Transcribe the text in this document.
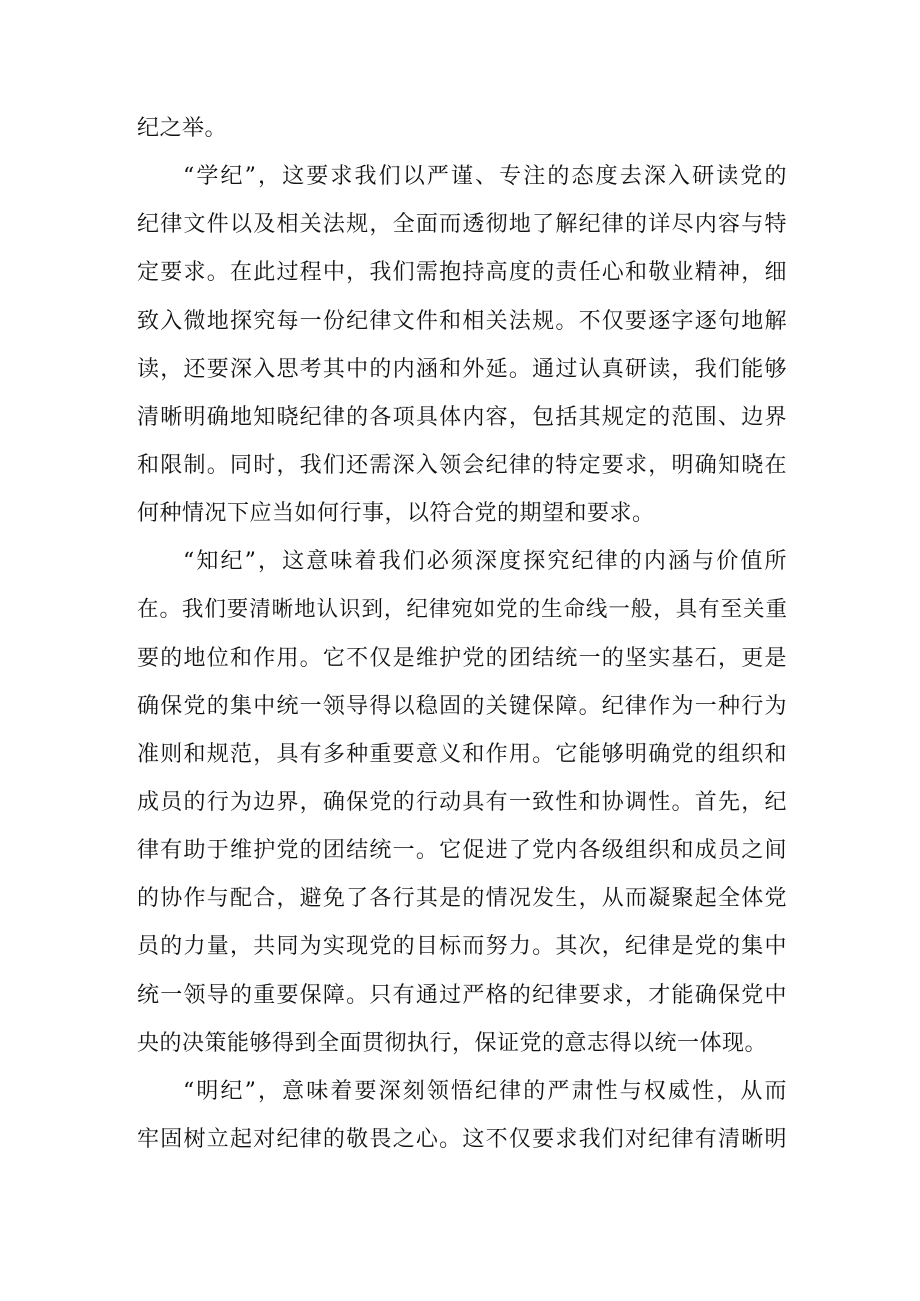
纪之举。
“学纪”，这要求我们以严谨、专注的态度去深入研读党的
纪律文件以及相关法规，全面而透彻地了解纪律的详尽内容与特
定要求。在此过程中，我们需抱持高度的责任心和敬业精神，细
致入微地探究每一份纪律文件和相关法规。不仅要逐字逐句地解
读，还要深入思考其中的内涵和外延。通过认真研读，我们能够
清晰明确地知晓纪律的各项具体内容，包括其规定的范围、边界
和限制。同时，我们还需深入领会纪律的特定要求，明确知晓在
何种情况下应当如何行事，以符合党的期望和要求。
“知纪”，这意味着我们必须深度探究纪律的内涵与价值所
在。我们要清晰地认识到，纪律宛如党的生命线一般，具有至关重
要的地位和作用。它不仅是维护党的团结统一的坚实基石，更是
确保党的集中统一领导得以稳固的关键保障。纪律作为一种行为
准则和规范，具有多种重要意义和作用。它能够明确党的组织和
成员的行为边界，确保党的行动具有一致性和协调性。首先，纪
律有助于维护党的团结统一。它促进了党内各级组织和成员之间
的协作与配合，避免了各行其是的情况发生，从而凝聚起全体党
员的力量，共同为实现党的目标而努力。其次，纪律是党的集中
统一领导的重要保障。只有通过严格的纪律要求，才能确保党中
央的决策能够得到全面贯彻执行，保证党的意志得以统一体现。
“明纪”，意味着要深刻领悟纪律的严肃性与权威性，从而
牢固树立起对纪律的敬畏之心。这不仅要求我们对纪律有清晰明
